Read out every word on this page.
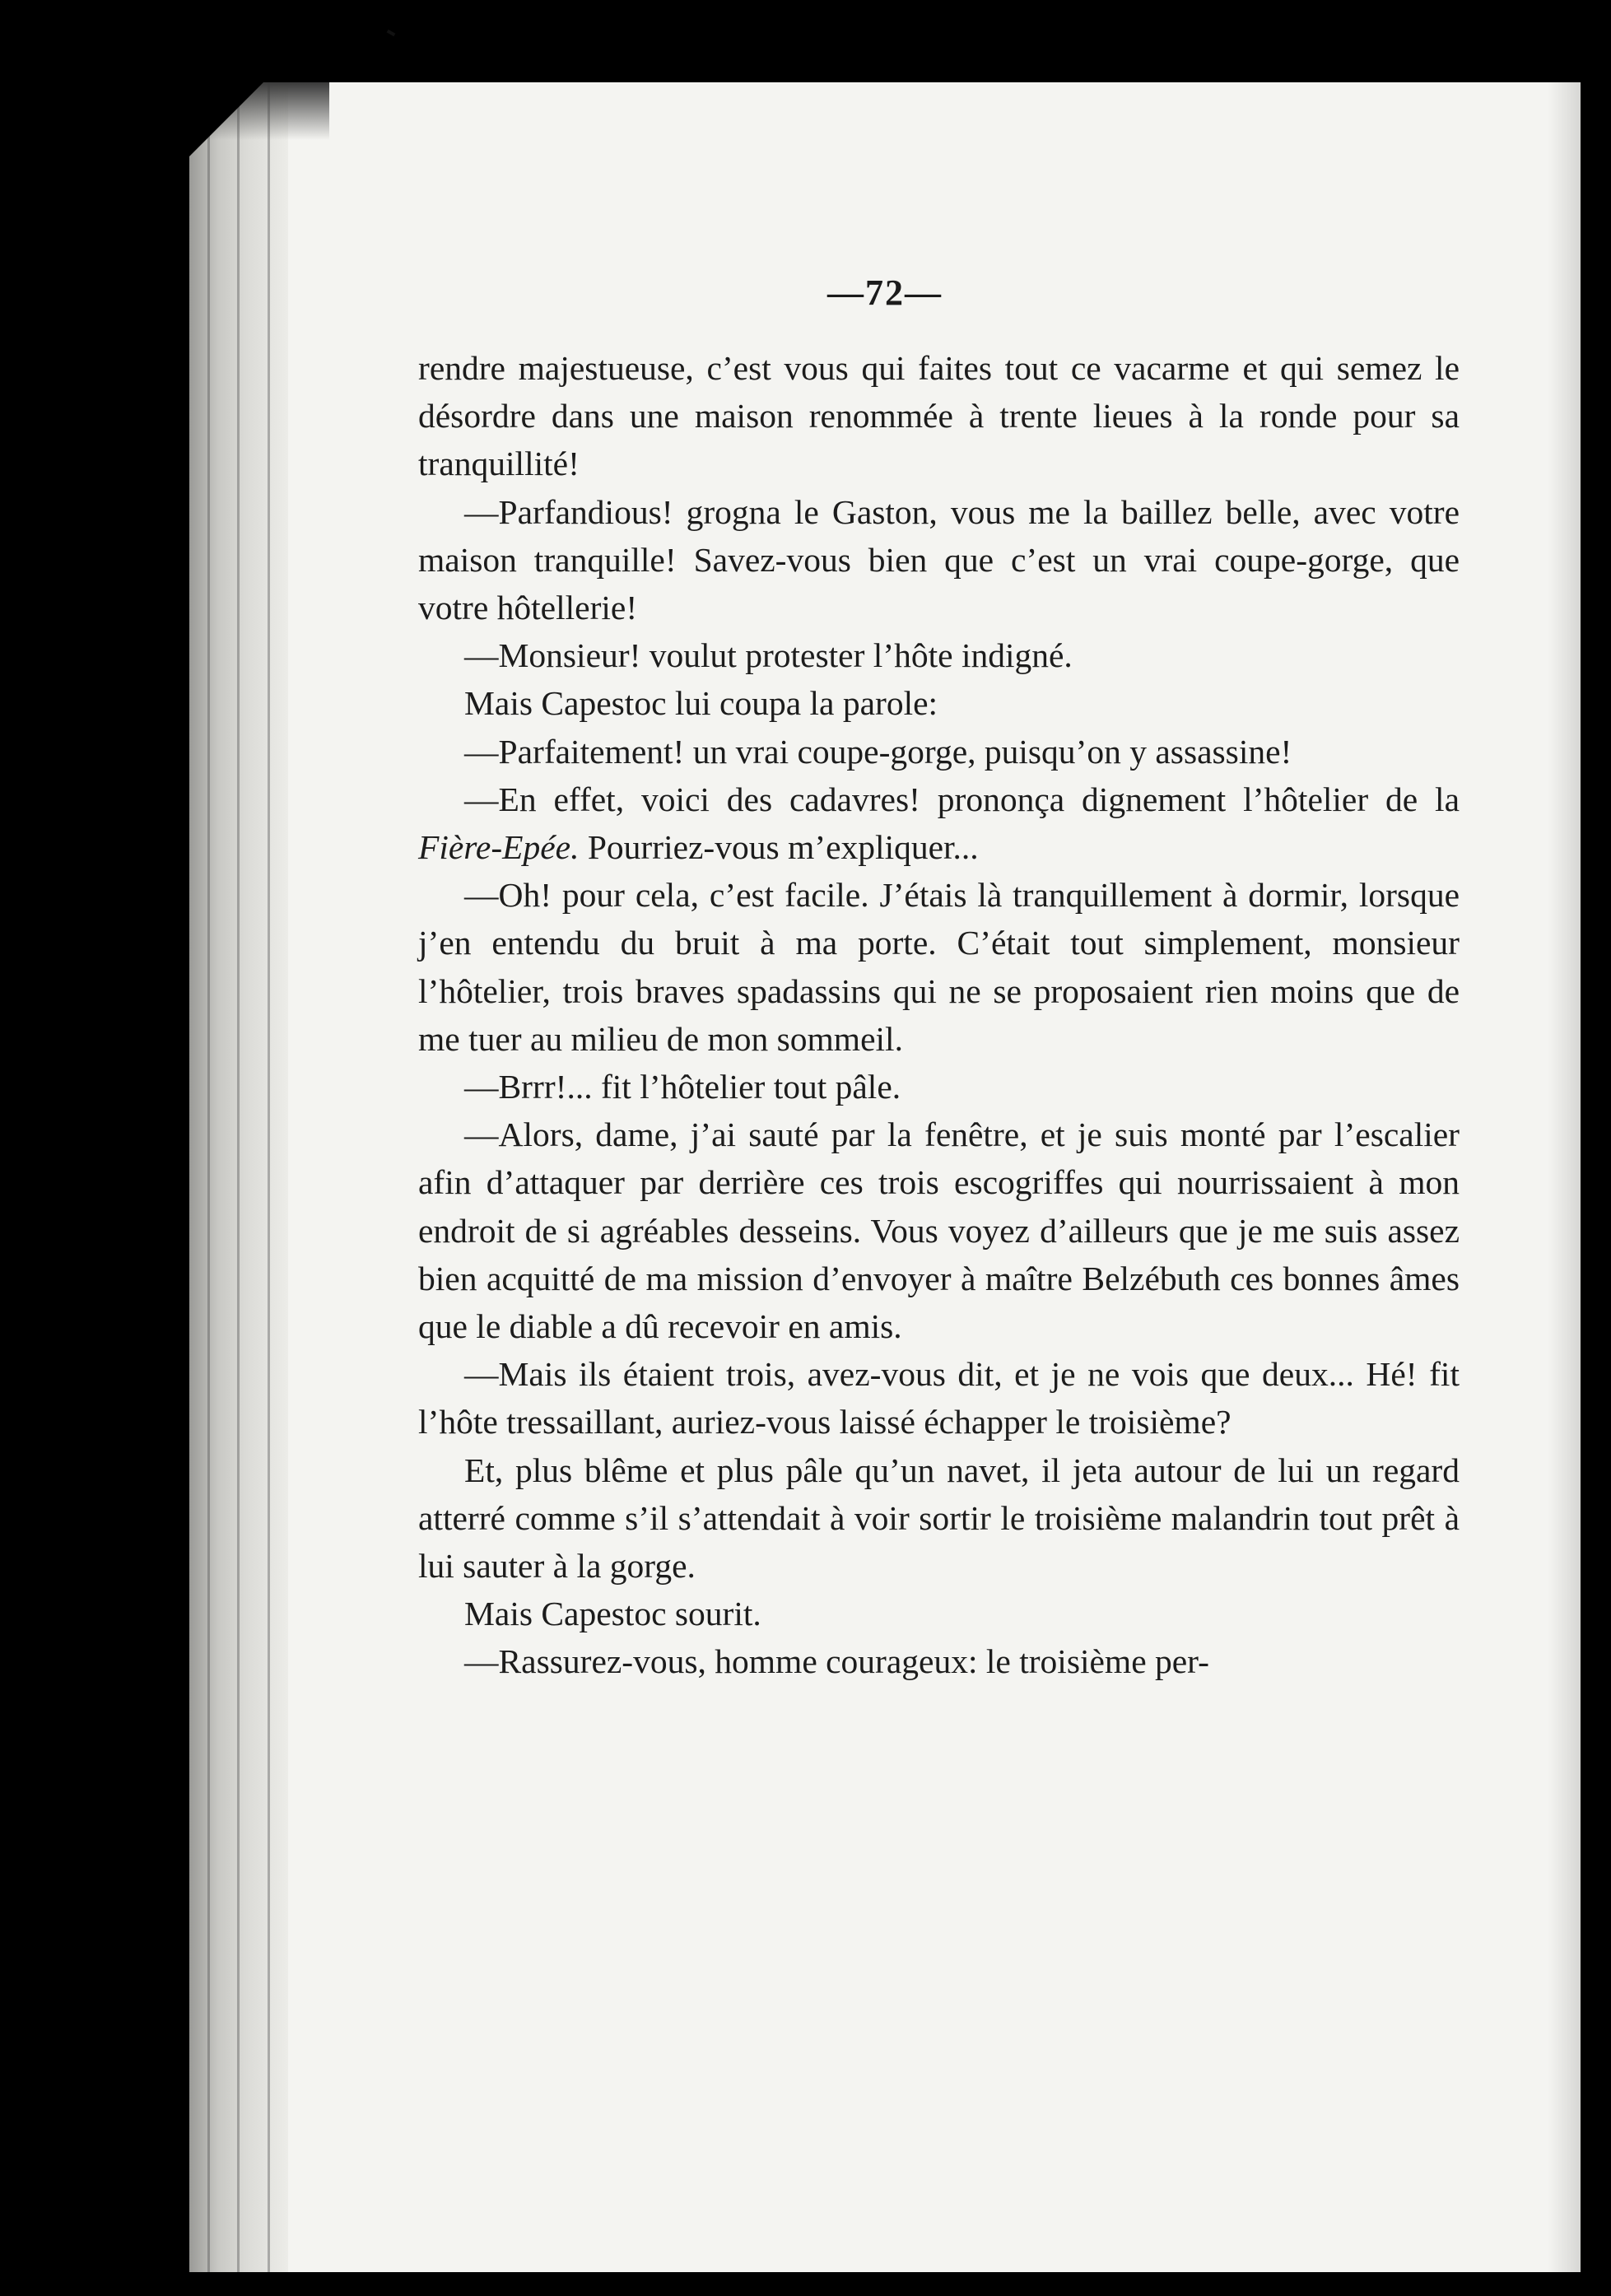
—72—

rendre majestueuse, c’est vous qui faites tout ce vacarme et qui semez le désordre dans une maison renommée à trente lieues à la ronde pour sa tranquillité!

—Parfandious! grogna le Gaston, vous me la baillez belle, avec votre maison tranquille! Savez-vous bien que c’est un vrai coupe-gorge, que votre hôtellerie!

—Monsieur! voulut protester l’hôte indigné.

Mais Capestoc lui coupa la parole:

—Parfaitement! un vrai coupe-gorge, puisqu’on y assassine!

—En effet, voici des cadavres! prononça dignement l’hôtelier de la Fière-Epée. Pourriez-vous m’expliquer...

—Oh! pour cela, c’est facile. J’étais là tranquillement à dormir, lorsque j’en entendu du bruit à ma porte. C’était tout simplement, monsieur l’hôtelier, trois braves spadassins qui ne se proposaient rien moins que de me tuer au milieu de mon sommeil.

—Brrr!... fit l’hôtelier tout pâle.

—Alors, dame, j’ai sauté par la fenêtre, et je suis monté par l’escalier afin d’attaquer par derrière ces trois escogriffes qui nourrissaient à mon endroit de si agréables desseins. Vous voyez d’ailleurs que je me suis assez bien acquitté de ma mission d’envoyer à maître Belzébuth ces bonnes âmes que le diable a dû recevoir en amis.

—Mais ils étaient trois, avez-vous dit, et je ne vois que deux... Hé! fit l’hôte tressaillant, auriez-vous laissé échapper le troisième?

Et, plus blême et plus pâle qu’un navet, il jeta autour de lui un regard atterré comme s’il s’attendait à voir sortir le troisième malandrin tout prêt à lui sauter à la gorge.

Mais Capestoc sourit.

—Rassurez-vous, homme courageux: le troisième per-
